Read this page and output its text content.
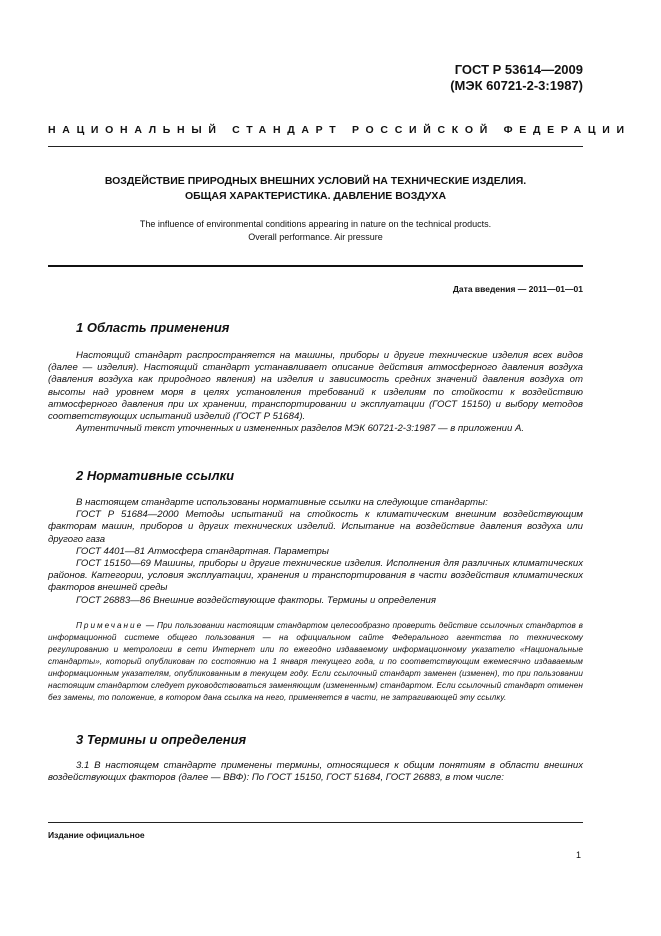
ГОСТ Р 53614—2009
(МЭК 60721-2-3:1987)
НАЦИОНАЛЬНЫЙ СТАНДАРТ РОССИЙСКОЙ ФЕДЕРАЦИИ
ВОЗДЕЙСТВИЕ ПРИРОДНЫХ ВНЕШНИХ УСЛОВИЙ НА ТЕХНИЧЕСКИЕ ИЗДЕЛИЯ.
ОБЩАЯ ХАРАКТЕРИСТИКА. ДАВЛЕНИЕ ВОЗДУХА
The influence of environmental conditions appearing in nature on the technical products.
Overall performance. Air pressure
Дата введения — 2011—01—01
1 Область применения

Настоящий стандарт распространяется на машины, приборы и другие технические изделия всех видов (далее — изделия). Настоящий стандарт устанавливает описание действия атмосферного давления воздуха (давления воздуха как природного явления) на изделия и зависимость средних значений давления воздуха от высоты над уровнем моря в целях установления требований к изделиям по стойкости к воздействию атмосферного давления при их хранении, транспортировании и эксплуатации (ГОСТ 15150) и выбору методов соответствующих испытаний изделий (ГОСТ Р 51684).

Аутентичный текст уточненных и измененных разделов МЭК 60721-2-3:1987 — в приложении А.

2 Нормативные ссылки

В настоящем стандарте использованы нормативные ссылки на следующие стандарты:

ГОСТ Р 51684—2000 Методы испытаний на стойкость к климатическим внешним воздействующим факторам машин, приборов и других технических изделий. Испытание на воздействие давления воздуха или другого газа

ГОСТ 4401—81 Атмосфера стандартная. Параметры

ГОСТ 15150—69 Машины, приборы и другие технические изделия. Исполнения для различных климатических районов. Категории, условия эксплуатации, хранения и транспортирования в части воздействия климатических факторов внешней среды

ГОСТ 26883—86 Внешние воздействующие факторы. Термины и определения

Примечание — При пользовании настоящим стандартом целесообразно проверить действие ссылочных стандартов в информационной системе общего пользования — на официальном сайте Федерального агентства по техническому регулированию и метрологии в сети Интернет или по ежегодно издаваемому информационному указателю «Национальные стандарты», который опубликован по состоянию на 1 января текущего года, и по соответствующим ежемесячно издаваемым информационным указателям, опубликованным в текущем году. Если ссылочный стандарт заменен (изменен), то при пользовании настоящим стандартом следует руководствоваться заменяющим (измененным) стандартом. Если ссылочный стандарт отменен без замены, то положение, в котором дана ссылка на него, применяется в части, не затрагивающей эту ссылку.

3 Термины и определения

3.1 В настоящем стандарте применены термины, относящиеся к общим понятиям в области внешних воздействующих факторов (далее — ВВФ): По ГОСТ 15150, ГОСТ 51684, ГОСТ 26883, в том числе:

Издание официальное
1
